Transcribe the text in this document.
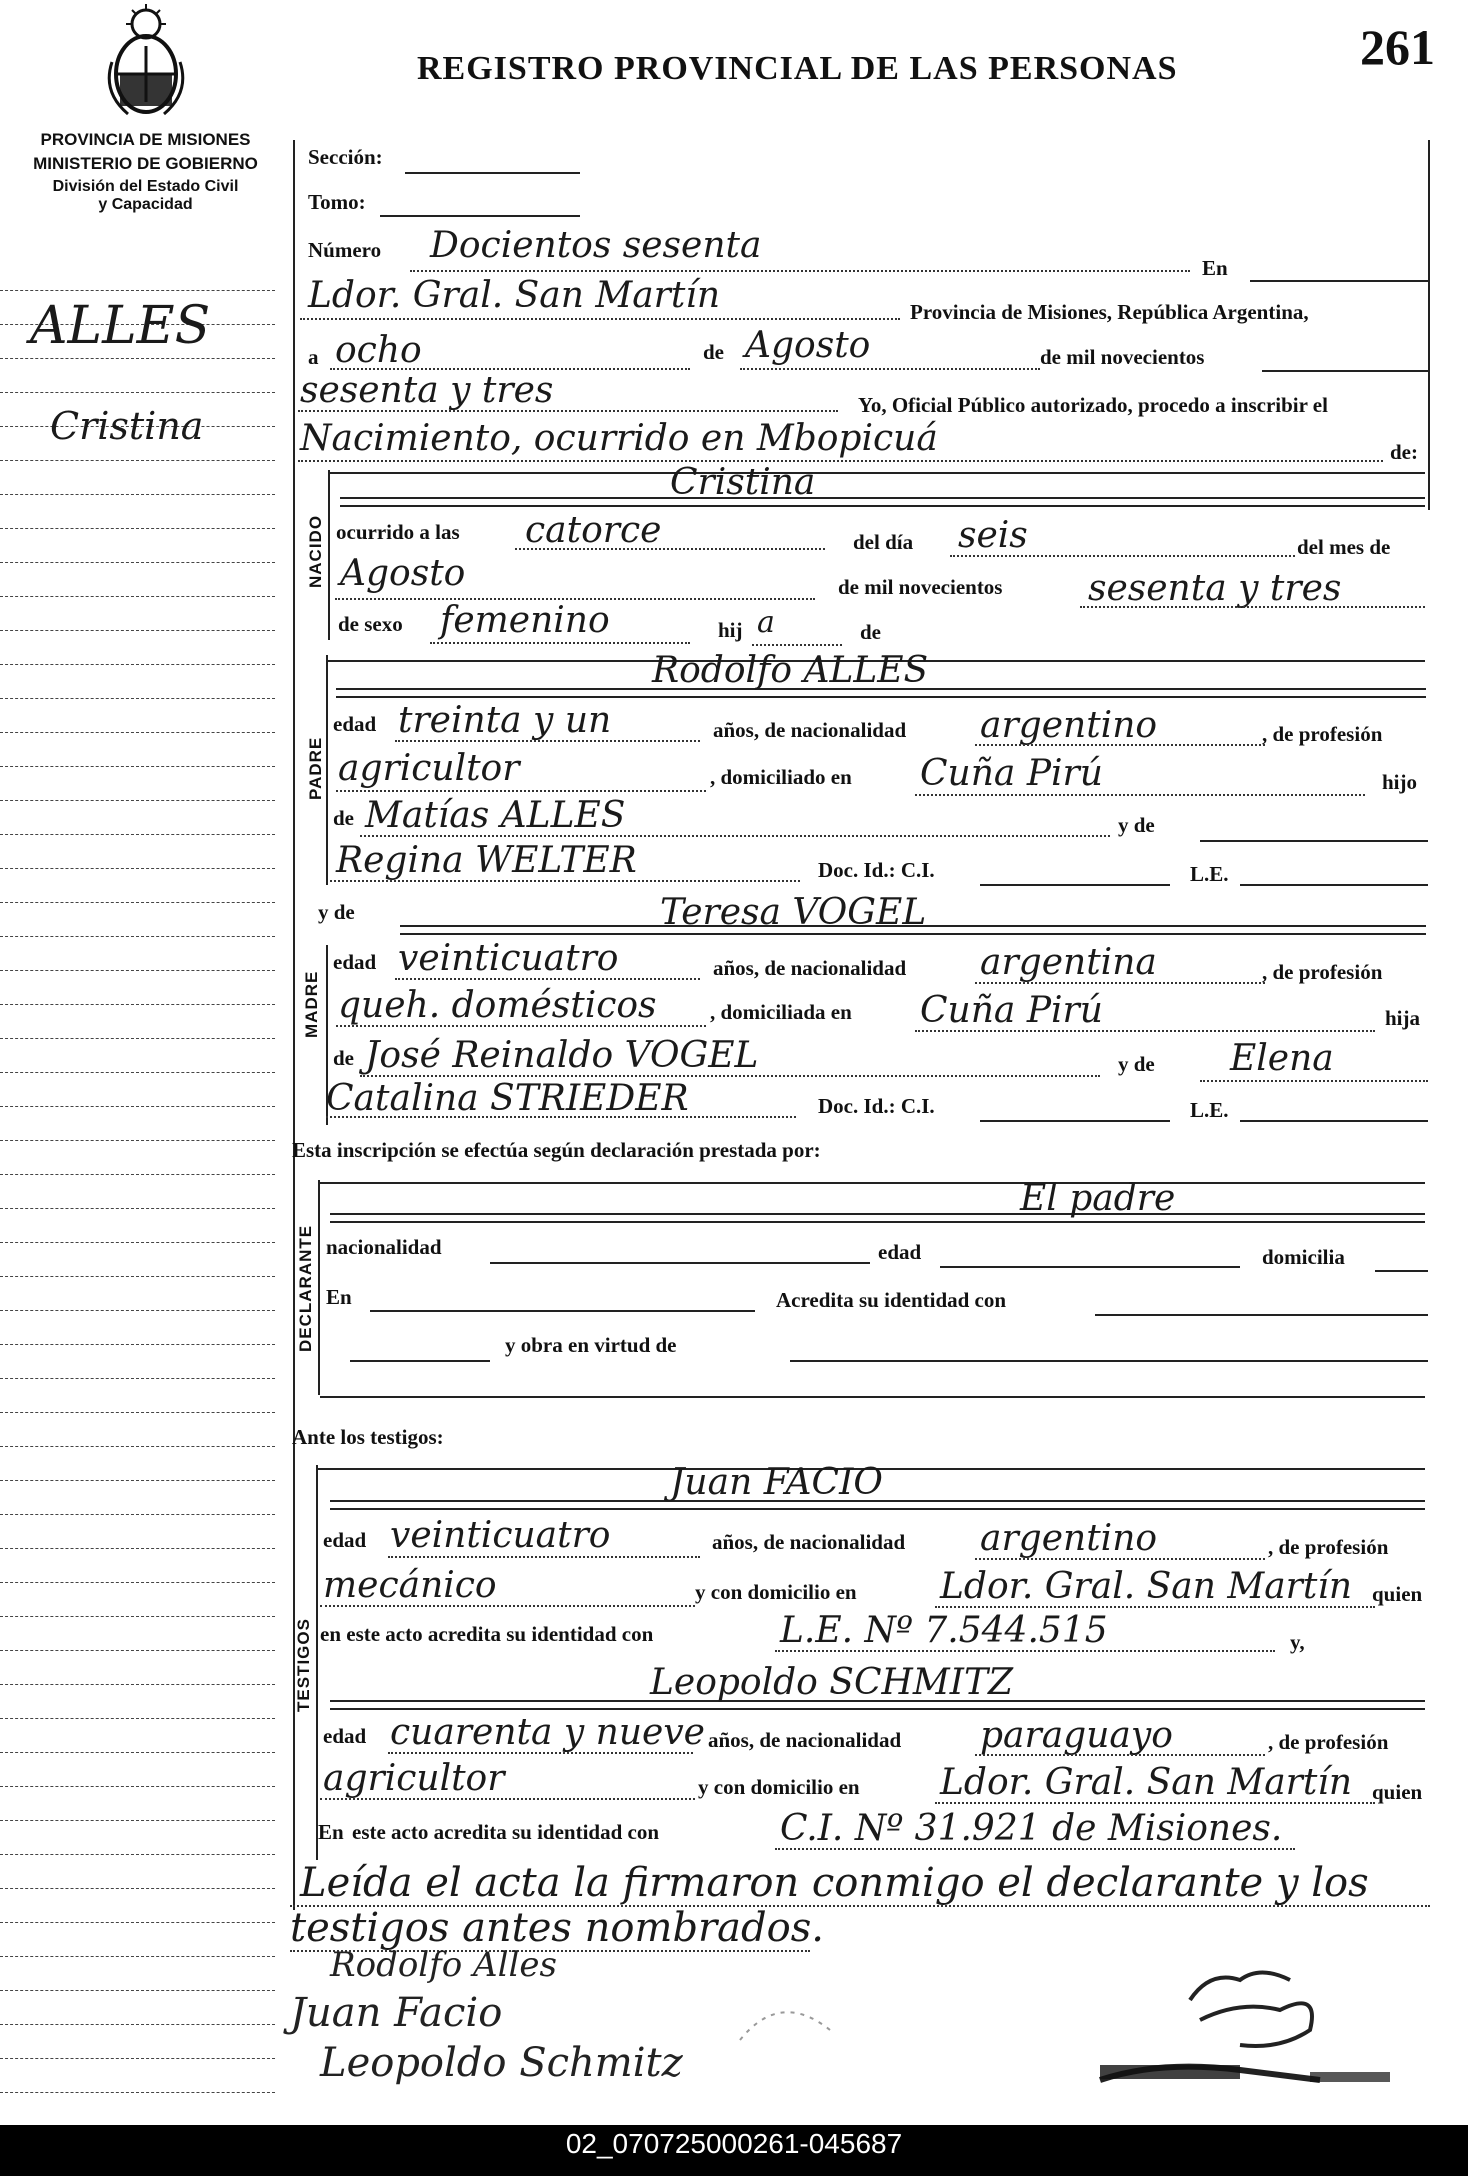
REGISTRO PROVINCIAL DE LAS PERSONAS	261
PROVINCIA DE MISIONES
MINISTERIO DE GOBIERNO
División del Estado Civil
y Capacidad
ALLES
Cristina
Sección:
Tomo:
Número Docientos sesenta
En
Ldor. Gral. San Martín	Provincia de Misiones, República Argentina,
a ocho	de Agosto	de mil novecientos
sesenta y tres	Yo, Oficial Público autorizado, procedo a inscribir el
Nacimiento, ocurrido en Mbopicuá	de:
NACIDO
Cristina
ocurrido a las catorce	del día seis	del mes de
Agosto	de mil novecientos sesenta y tres
de sexo femenino	hij a	de
PADRE
Rodolfo ALLES
edad treinta y un	años, de nacionalidad argentino	, de profesión
agricultor	, domiciliado en Cuña Pirú	hijo
de Matías ALLES	y de
Regina WELTER	Doc. Id.: C.I.	L.E.
y de	Teresa VOGEL
MADRE
edad veinticuatro	años, de nacionalidad argentina	, de profesión
queh. domésticos	, domiciliada en Cuña Pirú	hija
de José Reinaldo VOGEL	y de Elena
Catalina STRIEDER	Doc. Id.: C.I.	L.E.
Esta inscripción se efectúa según declaración prestada por:
DECLARANTE
El padre
nacionalidad	edad	domicilia
En	Acredita su identidad con
y obra en virtud de
Ante los testigos:
TESTIGOS
Juan FACIO
edad veinticuatro	años, de nacionalidad argentino	, de profesión
mecánico	y con domicilio en Ldor. Gral. San Martín quien
en este acto acredita su identidad con	L.E. Nº 7.544.515	y,
Leopoldo SCHMITZ
edad cuarenta y nueve años, de nacionalidad paraguayo	, de profesión
agricultor	y con domicilio en Ldor. Gral. San Martín quien
En este acto acredita su identidad con	C.I. Nº 31.921 de Misiones.
Leída el acta la firmaron conmigo el declarante y los
testigos antes nombrados.
Rodolfo Alles
Juan Facio
Leopoldo Schmitz
02_070725000261-045687
